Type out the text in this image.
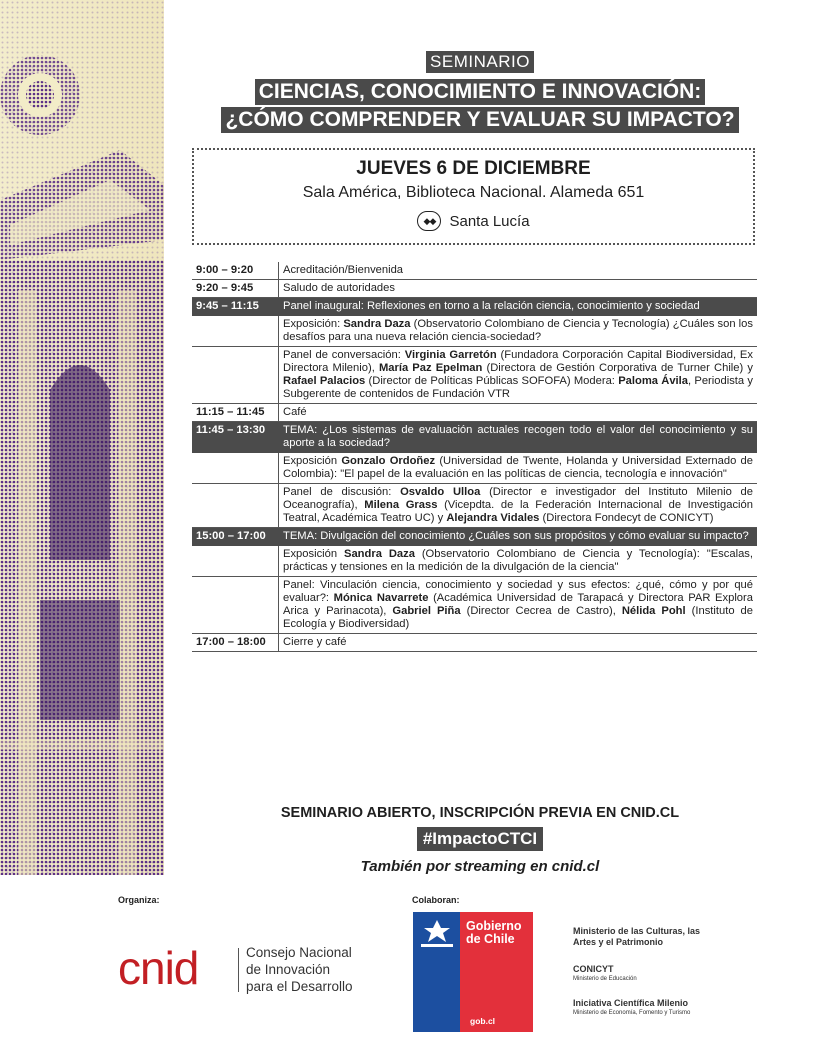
SEMINARIO
CIENCIAS, CONOCIMIENTO E INNOVACIÓN:
¿CÓMO COMPRENDER Y EVALUAR SU IMPACTO?
JUEVES 6 DE DICIEMBRE
Sala América, Biblioteca Nacional. Alameda 651
◆◆ Santa Lucía
9:00 – 9:20	Acreditación/Bienvenida
9:20 – 9:45	Saludo de autoridades
9:45 – 11:15	Panel inaugural: Reflexiones en torno a la relación ciencia, conocimiento y sociedad
Exposición: Sandra Daza (Observatorio Colombiano de Ciencia y Tecnología) ¿Cuáles son los desafíos para una nueva relación ciencia-sociedad?
Panel de conversación: Virginia Garretón (Fundadora Corporación Capital Biodiversidad, Ex Directora Milenio), María Paz Epelman (Directora de Gestión Corporativa de Turner Chile) y Rafael Palacios (Director de Políticas Públicas SOFOFA) Modera: Paloma Ávila, Periodista y Subgerente de contenidos de Fundación VTR
11:15 – 11:45	Café
11:45 – 13:30	TEMA: ¿Los sistemas de evaluación actuales recogen todo el valor del conocimiento y su aporte a la sociedad?
Exposición Gonzalo Ordoñez (Universidad de Twente, Holanda y Universidad Externado de Colombia): "El papel de la evaluación en las políticas de ciencia, tecnología e innovación"
Panel de discusión: Osvaldo Ulloa (Director e investigador del Instituto Milenio de Oceanografía), Milena Grass (Vicepdta. de la Federación Internacional de Investigación Teatral, Académica Teatro UC) y Alejandra Vidales (Directora Fondecyt de CONICYT)
15:00 – 17:00	TEMA: Divulgación del conocimiento ¿Cuáles son sus propósitos y cómo evaluar su impacto?
Exposición Sandra Daza (Observatorio Colombiano de Ciencia y Tecnología): "Escalas, prácticas y tensiones en la medición de la divulgación de la ciencia"
Panel: Vinculación ciencia, conocimiento y sociedad y sus efectos: ¿qué, cómo y por qué evaluar?: Mónica Navarrete (Académica Universidad de Tarapacá y Directora PAR Explora Arica y Parinacota), Gabriel Piña (Director Cecrea de Castro), Nélida Pohl (Instituto de Ecología y Biodiversidad)
17:00 – 18:00	Cierre y café
SEMINARIO ABIERTO, INSCRIPCIÓN PREVIA EN CNID.CL
#ImpactoCTCI
También por streaming en cnid.cl
Organiza:	Colaboran:
cnid	Consejo Nacional
de Innovación
para el Desarrollo
Gobierno
de Chile
gob.cl
Ministerio de las Culturas, las Artes y el Patrimonio
CONICYT
Ministerio de Educación
Iniciativa Científica Milenio
Ministerio de Economía, Fomento y Turismo
